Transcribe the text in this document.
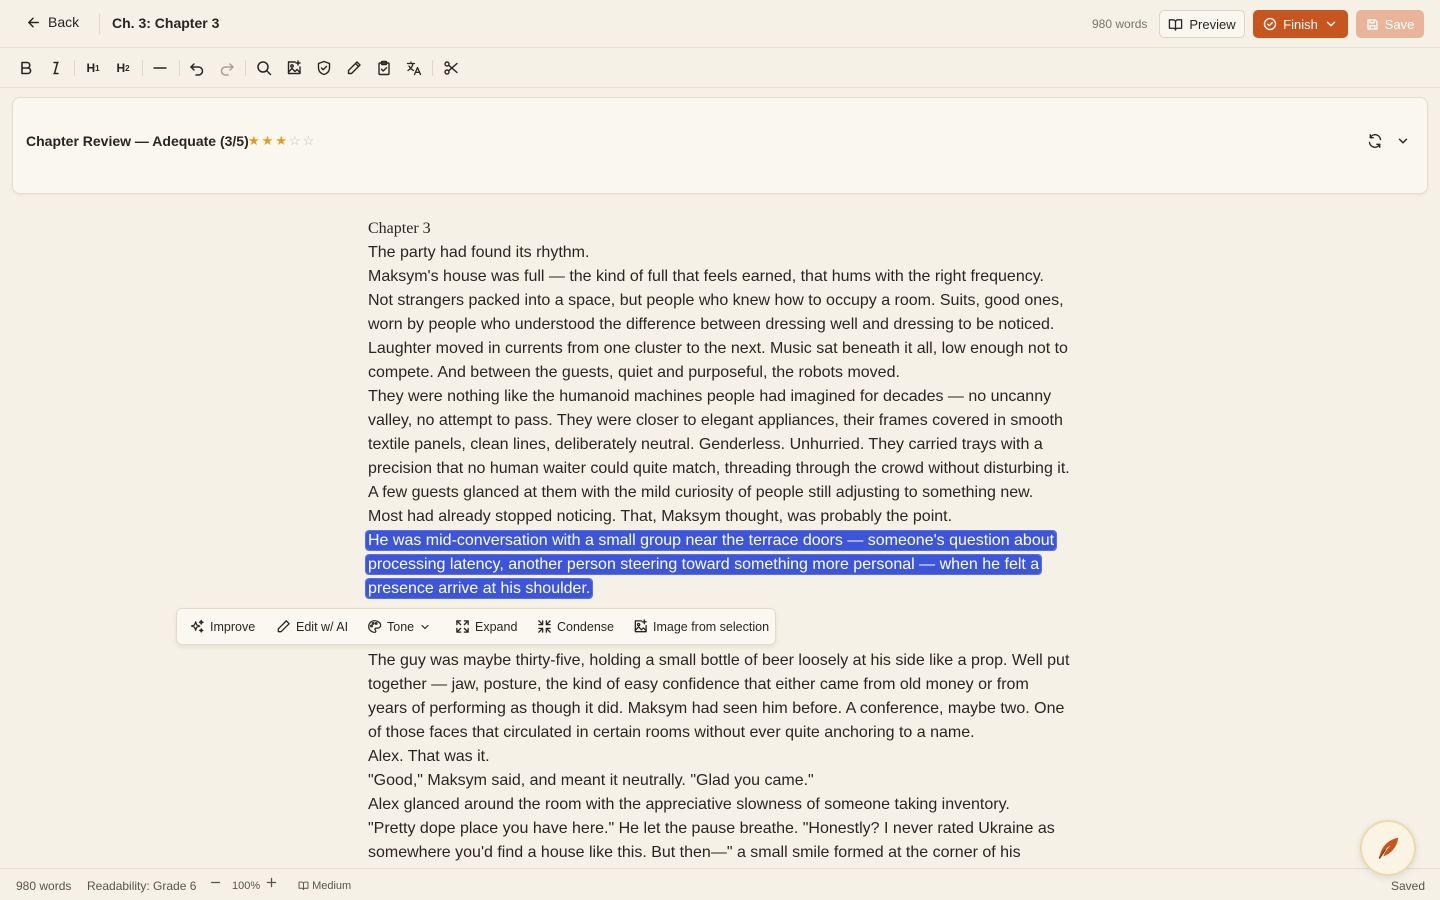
Back Ch. 3: Chapter 3	980 words	Preview	Finish	Save
H 1 H 2
Chapter Review — Adequate (3/5) ★ ★ ★ ☆ ☆
Chapter 3

The party had found its rhythm.

Maksym's house was full — the kind of full that feels earned, that hums with the right frequency. Not strangers packed into a space, but people who knew how to occupy a room. Suits, good ones, worn by people who understood the difference between dressing well and dressing to be noticed. Laughter moved in currents from one cluster to the next. Music sat beneath it all, low enough not to compete. And between the guests, quiet and purposeful, the robots moved.

They were nothing like the humanoid machines people had imagined for decades — no uncanny valley, no attempt to pass. They were closer to elegant appliances, their frames covered in smooth textile panels, clean lines, deliberately neutral. Genderless. Unhurried. They carried trays with a precision that no human waiter could quite match, threading through the crowd without disturbing it. A few guests glanced at them with the mild curiosity of people still adjusting to something new. Most had already stopped noticing. That, Maksym thought, was probably the point.

He was mid-conversation with a small group near the terrace doors — someone's question about processing latency, another person steering toward something more personal — when he felt a presence arrive at his shoulder.

The guy was maybe thirty-five, holding a small bottle of beer loosely at his side like a prop. Well put together — jaw, posture, the kind of easy confidence that either came from old money or from years of performing as though it did. Maksym had seen him before. A conference, maybe two. One of those faces that circulated in certain rooms without ever quite anchoring to a name.

Alex. That was it.

"Good," Maksym said, and meant it neutrally. "Glad you came."

Alex glanced around the room with the appreciative slowness of someone taking inventory.

"Pretty dope place you have here." He let the pause breathe. "Honestly? I never rated Ukraine as somewhere you'd find a house like this. But then—" a small smile formed at the corner of his

Improve	Edit w/ AI	Tone	Expand	Condense	Image from selection
980 words Readability: Grade 6	100%	Medium	Saved
